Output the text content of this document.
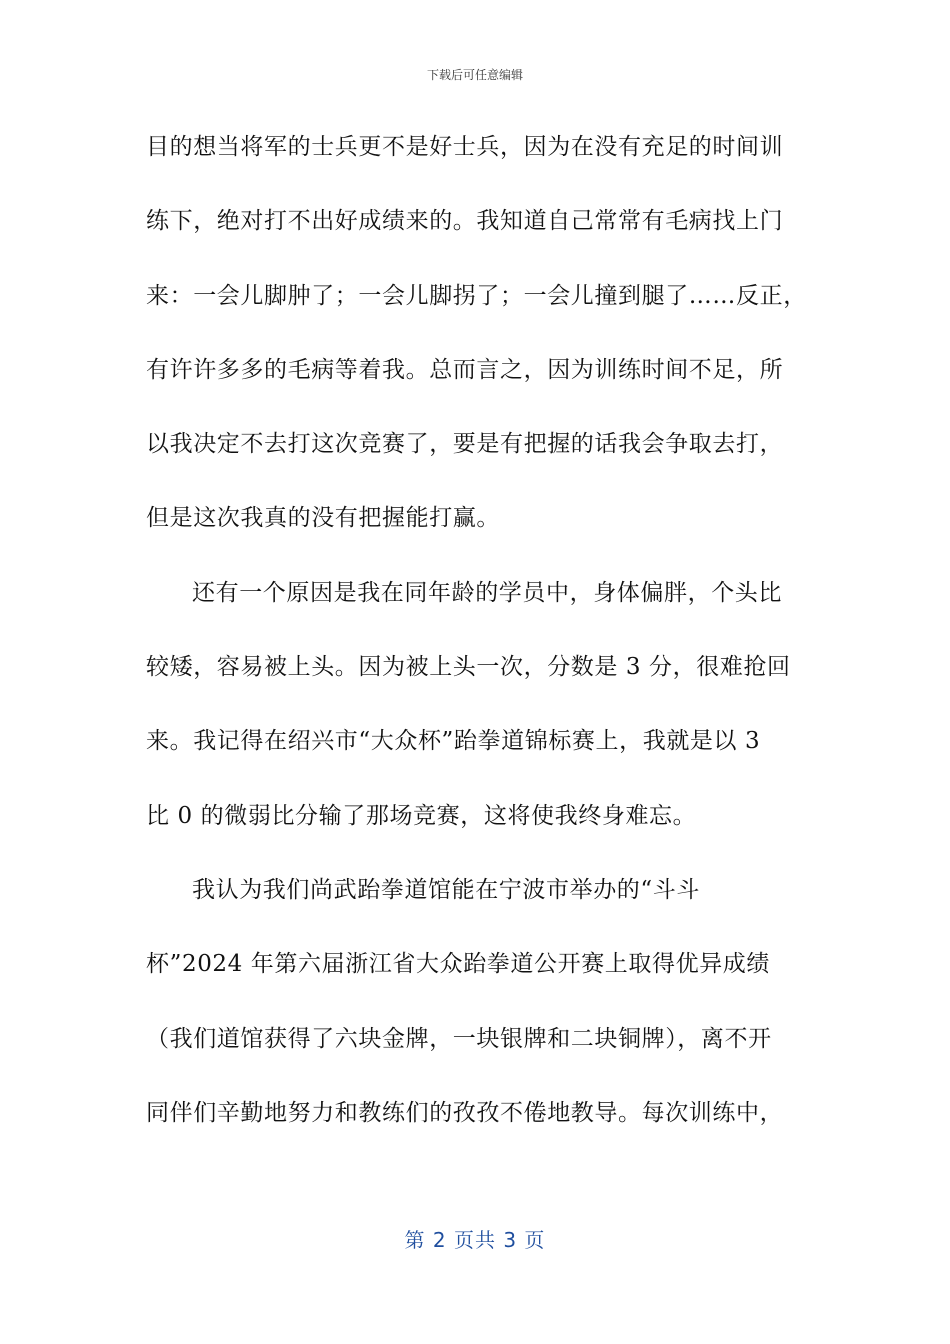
下载后可任意编辑
目的想当将军的士兵更不是好士兵，因为在没有充足的时间训
练下，绝对打不出好成绩来的。我知道自己常常有毛病找上门
来：一会儿脚肿了；一会儿脚拐了；一会儿撞到腿了……反正，
有许许多多的毛病等着我。总而言之，因为训练时间不足，所
以我决定不去打这次竞赛了，要是有把握的话我会争取去打，
但是这次我真的没有把握能打赢。
还有一个原因是我在同年龄的学员中，身体偏胖，个头比
较矮，容易被上头。因为被上头一次，分数是 3 分，很难抢回
来。我记得在绍兴市“大众杯”跆拳道锦标赛上，我就是以 3
比 0 的微弱比分输了那场竞赛，这将使我终身难忘。
我认为我们尚武跆拳道馆能在宁波市举办的“斗斗
杯”2024 年第六届浙江省大众跆拳道公开赛上取得优异成绩
（我们道馆获得了六块金牌，一块银牌和二块铜牌），离不开
同伴们辛勤地努力和教练们的孜孜不倦地教导。每次训练中，
第 2 页共 3 页
